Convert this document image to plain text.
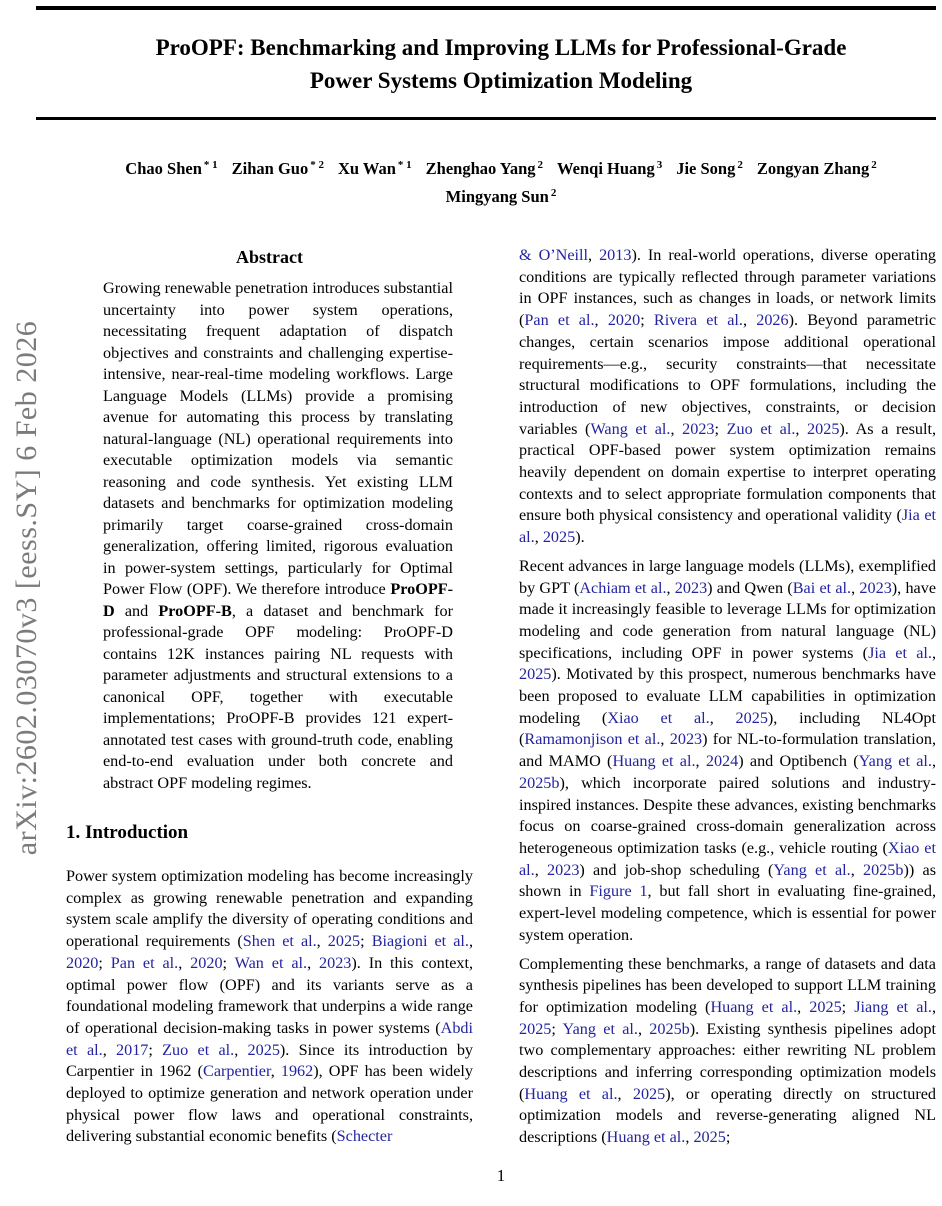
arXiv:2602.03070v3 [eess.SY] 6 Feb 2026
ProOPF: Benchmarking and Improving LLMs for Professional-Grade
Power Systems Optimization Modeling
Chao Shen $^{* 1}$ Zihan Guo $^{* 2}$ Xu Wan $^{* 1}$ Zhenghao Yang $^2$ Wenqi Huang $^3$ Jie Song $^2$ Zongyan Zhang $^2$
Mingyang Sun $^2$
Abstract

Growing renewable penetration introduces substantial uncertainty into power system operations, necessitating frequent adaptation of dispatch objectives and constraints and challenging expertise-intensive, near-real-time modeling workflows. Large Language Models (LLMs) provide a promising avenue for automating this process by translating natural-language (NL) operational requirements into executable optimization models via semantic reasoning and code synthesis. Yet existing LLM datasets and benchmarks for optimization modeling primarily target coarse-grained cross-domain generalization, offering limited, rigorous evaluation in power-system settings, particularly for Optimal Power Flow (OPF). We therefore introduce ProOPF-D and ProOPF-B, a dataset and benchmark for professional-grade OPF modeling: ProOPF-D contains 12K instances pairing NL requests with parameter adjustments and structural extensions to a canonical OPF, together with executable implementations; ProOPF-B provides 121 expert-annotated test cases with ground-truth code, enabling end-to-end evaluation under both concrete and abstract OPF modeling regimes.

1. Introduction

Power system optimization modeling has become increasingly complex as growing renewable penetration and expanding system scale amplify the diversity of operating conditions and operational requirements (Shen et al., 2025; Biagioni et al., 2020; Pan et al., 2020; Wan et al., 2023). In this context, optimal power flow (OPF) and its variants serve as a foundational modeling framework that underpins a wide range of operational decision-making tasks in power systems (Abdi et al., 2017; Zuo et al., 2025). Since its introduction by Carpentier in 1962 (Carpentier, 1962), OPF has been widely deployed to optimize generation and network operation under physical power flow laws and operational constraints, delivering substantial economic benefits (Schecter

& O’Neill, 2013). In real-world operations, diverse operating conditions are typically reflected through parameter variations in OPF instances, such as changes in loads, or network limits (Pan et al., 2020; Rivera et al., 2026). Beyond parametric changes, certain scenarios impose additional operational requirements—e.g., security constraints—that necessitate structural modifications to OPF formulations, including the introduction of new objectives, constraints, or decision variables (Wang et al., 2023; Zuo et al., 2025). As a result, practical OPF-based power system optimization remains heavily dependent on domain expertise to interpret operating contexts and to select appropriate formulation components that ensure both physical consistency and operational validity (Jia et al., 2025).

Recent advances in large language models (LLMs), exemplified by GPT (Achiam et al., 2023) and Qwen (Bai et al., 2023), have made it increasingly feasible to leverage LLMs for optimization modeling and code generation from natural language (NL) specifications, including OPF in power systems (Jia et al., 2025). Motivated by this prospect, numerous benchmarks have been proposed to evaluate LLM capabilities in optimization modeling (Xiao et al., 2025), including NL4Opt (Ramamonjison et al., 2023) for NL-to-formulation translation, and MAMO (Huang et al., 2024) and Optibench (Yang et al., 2025b), which incorporate paired solutions and industry-inspired instances. Despite these advances, existing benchmarks focus on coarse-grained cross-domain generalization across heterogeneous optimization tasks (e.g., vehicle routing (Xiao et al., 2023) and job-shop scheduling (Yang et al., 2025b)) as shown in Figure 1, but fall short in evaluating fine-grained, expert-level modeling competence, which is essential for power system operation.

Complementing these benchmarks, a range of datasets and data synthesis pipelines has been developed to support LLM training for optimization modeling (Huang et al., 2025; Jiang et al., 2025; Yang et al., 2025b). Existing synthesis pipelines adopt two complementary approaches: either rewriting NL problem descriptions and inferring corresponding optimization models (Huang et al., 2025), or operating directly on structured optimization models and reverse-generating aligned NL descriptions (Huang et al., 2025;

1
